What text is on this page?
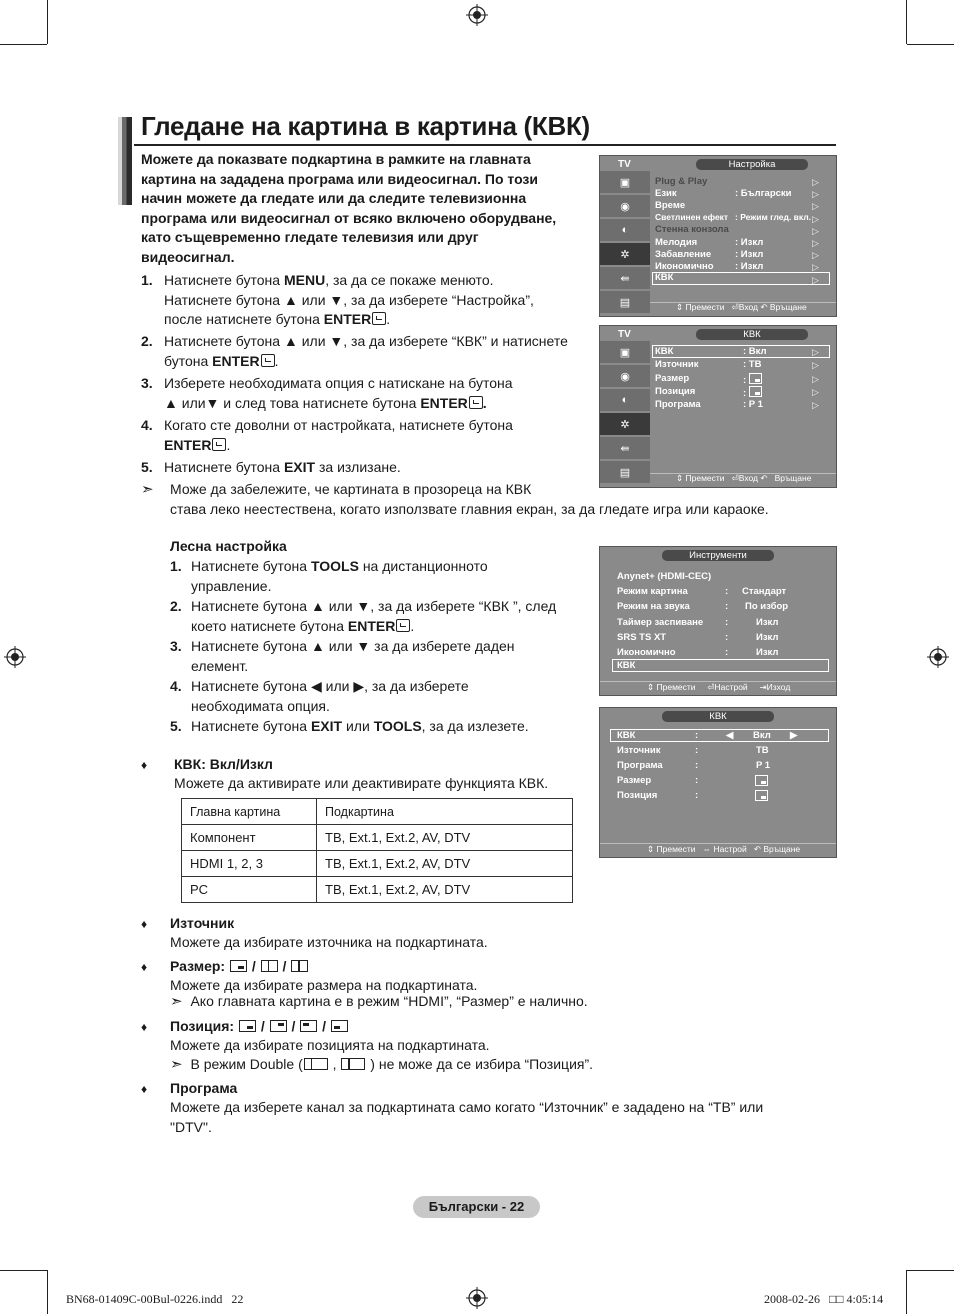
Гледане на картина в картина (КВК)
Можете да показвате подкартина в рамките на главната
картина на зададена програма или видеосигнал. По този
начин можете да гледате или да следите телевизионна
програма или видеосигнал от всяко включено оборудване,
като същевременно гледате телевизия или друг
видеосигнал.
1. Натиснете бутона MENU, за да се покаже менюто.
Натиснете бутона ▲ или ▼, за да изберете “Настройка”,
после натиснете бутона ENTER .
2. Натиснете бутона ▲ или ▼, за да изберете “КВК” и натиснете
бутона ENTER .
3. Изберете необходимата опция с натискане на бутона
▲ или▼ и след това натиснете бутона ENTER .
4. Когато сте доволни от настройката, натиснете бутона
ENTER .
5. Натиснете бутона EXIT за излизане.
➣ Може да забележите, че картината в прозореца на КВК
става леко неестествена, когато използвате главния екран, за да гледате игра или караоке.
Лесна настройка
1. Натиснете бутона TOOLS на дистанционното
управление.
2. Натиснете бутона ▲ или ▼, за да изберете “КВК ”, след
което натиснете бутона ENTER .
3. Натиснете бутона ▲ или ▼ за да изберете даден
елемент.
4. Натиснете бутона ◀ или ▶, за да изберете
необходимата опция.
5. Натиснете бутона EXIT или TOOLS, за да излезете.
♦ КВК: Вкл/Изкл
Можете да активирате или деактивирате функцията КВК.
Главна картина	Подкартина
Компонент	ТВ, Ext.1, Ext.2, AV, DTV
HDMI 1, 2, 3	ТВ, Ext.1, Ext.2, AV, DTV
PC	ТВ, Ext.1, Ext.2, AV, DTV
♦ Източник
Можете да избирате източника на подкартината.
♦ Размер: / /
Можете да избирате размера на подкартината.
➣ Ако главната картина е в режим “HDMI”, “Размер” е налично.
♦ Позиция: / / /
Можете да избирате позицията на подкартината.
➣ В режим Double ( ,  ) не може да се избира “Позиция”.
♦ Програма
Можете да изберете канал за подкартината само когато “Източник” е зададено на “ТВ” или
"DTV".
TV	Настройка
▣
◉
◐
✲
⇚
▤
Plug & Play
Език	: Български
Време
Светлинен ефект : Режим глед. вкл.
Стенна конзола
Мелодия	: Изкл
Забавление	: Изкл
Икономично : Изкл
КВК
▷
▷
▷
▷
▷
▷
▷
▷
▷
⇕ Премести ⏎Вход ↶ Връщане
TV	КВК
▣
◉
◐
✲
⇚
▤
КВК	: Вкл
Източник	: ТВ
Размер	:
Позиция	:
Програма	: P 1
▷
▷
▷
▷
▷
⇕ Премести ⏎Вход ↶ Връщане
Инструменти
Anynet+ (HDMI-CEC)
Режим картина	: Стандарт
Режим на звука	: По избор
Таймер заспиване :	Изкл
SRS TS XT	:	Изкл
Икономично	:	Изкл
КВК
⇕ Премести ⏎Настрой ⇥Изход
КВК
КВК	:	◀ Вкл ▶
Източник	:	ТВ
Програма	:	P 1
Размер	:
Позиция	:
⇕ Премести ⇔ Настрой ↶ Връщане
Български - 22
BN68-01409C-00Bul-0226.indd   22	2008-02-26   □□ 4:05:14
